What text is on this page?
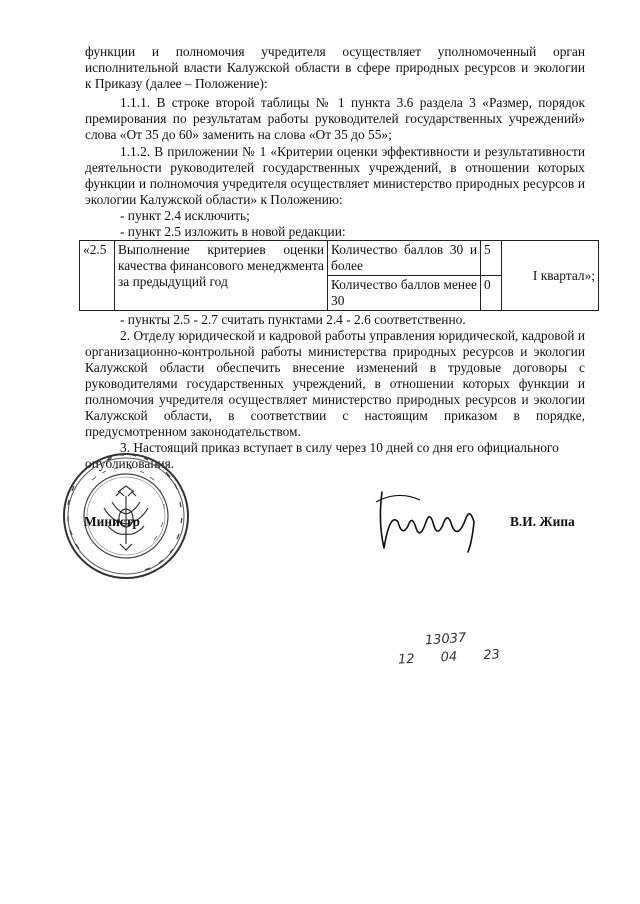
функции и полномочия учредителя осуществляет уполномоченный орган

исполнительной власти Калужской области в сфере природных ресурсов и экологии

к Приказу (далее – Положение):

1.1.1. В строке второй таблицы № 1 пункта 3.6 раздела 3 «Размер, порядок премирования по результатам работы руководителей государственных учреждений» слова «От 35 до 60» заменить на слова «От 35 до 55»;

1.1.2. В приложении № 1 «Критерии оценки эффективности и результативности деятельности руководителей государственных учреждений, в отношении которых функции и полномочия учредителя осуществляет министерство природных ресурсов и экологии Калужской области» к Положению:

- пункт 2.4 исключить;

- пункт 2.5 изложить в новой редакции:

«2.5	Выполнение критериев оценки качества финансового менеджмента за предыдущий год	Количество баллов 30 и более	5	I квартал»;

		Количество баллов менее 30	0	

- пункты 2.5 - 2.7 считать пунктами 2.4 - 2.6 соответственно.

2. Отделу юридической и кадровой работы управления юридической, кадровой и организационно-контрольной работы министерства природных ресурсов и экологии Калужской области обеспечить внесение изменений в трудовые договоры с руководителями государственных учреждений, в отношении которых функции и полномочия учредителя осуществляет министерство природных ресурсов и экологии Калужской области, в соответствии с настоящим приказом в порядке, предусмотренном законодательством.

3. Настоящий приказ вступает в силу через 10 дней со дня его официального

опубликования.

Министр	В.И. Жипа
13037
12 04 23
